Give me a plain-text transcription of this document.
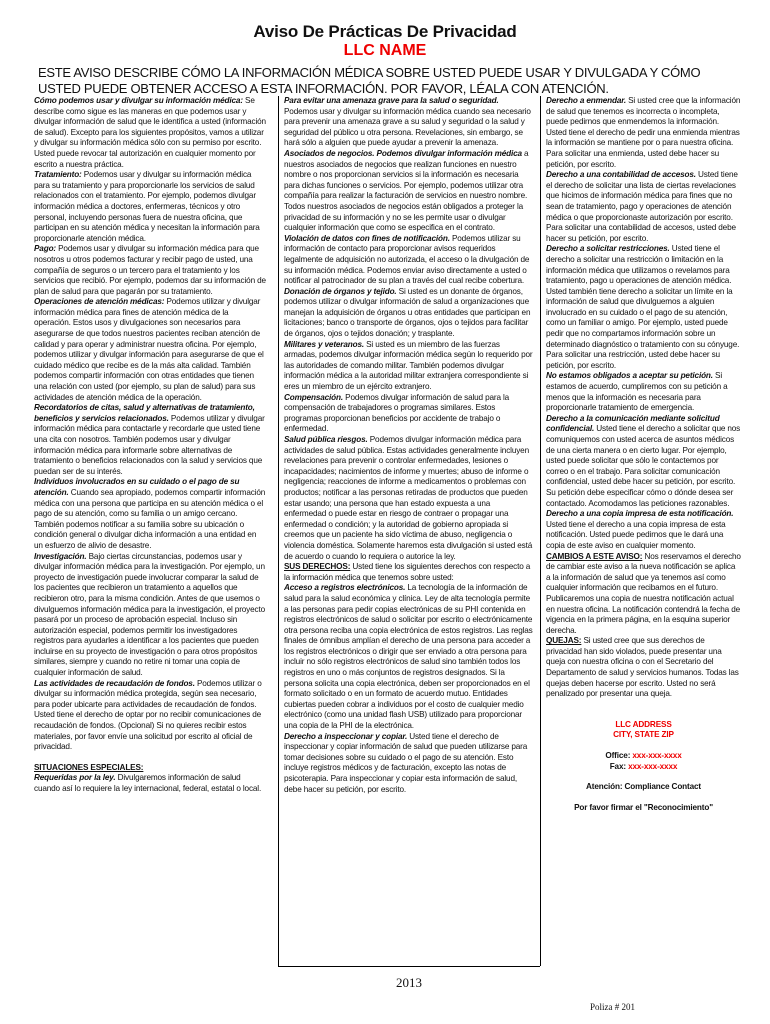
Aviso De Prácticas De Privacidad
LLC NAME
ESTE AVISO DESCRIBE CÓMO LA INFORMACIÓN MÉDICA SOBRE USTED PUEDE USAR Y DIVULGADA Y CÓMO USTED PUEDE OBTENER ACCESO A ESTA INFORMACIÓN. POR FAVOR, LÉALA CON ATENCIÓN.

Cómo podemos usar y divulgar su información médica: Se describe como sigue es las maneras en que podemos usar y divulgar información de salud que le identifica a usted (información de salud). Excepto para los siguientes propósitos, vamos a utilizar y divulgar su información médica sólo con su permiso por escrito. Usted puede revocar tal autorización en cualquier momento por escrito a nuestra práctica.

Tratamiento: Podemos usar y divulgar su información médica para su tratamiento y para proporcionarle los servicios de salud relacionados con el tratamiento. Por ejemplo, podemos divulgar información médica a doctores, enfermeras, técnicos y otro personal, incluyendo personas fuera de nuestra oficina, que participan en su atención médica y necesitan la información para proporcionarle atención médica.

Pago: Podemos usar y divulgar su información médica para que nosotros u otros podemos facturar y recibir pago de usted, una compañía de seguros o un tercero para el tratamiento y los servicios que recibió. Por ejemplo, podemos dar su información de plan de salud para que pagarán por su tratamiento.

Operaciones de atención médicas: Podemos utilizar y divulgar información médica para fines de atención médica de la operación. Estos usos y divulgaciones son necesarios para asegurarse de que todos nuestros pacientes reciban atención de calidad y para operar y administrar nuestra oficina. Por ejemplo, podemos utilizar y divulgar información para asegurarse de que el cuidado médico que recibe es de la más alta calidad. También podemos compartir información con otras entidades que tienen una relación con usted (por ejemplo, su plan de salud) para sus actividades de atención médica de la operación.

Recordatorios de citas, salud y alternativas de tratamiento, beneficios y servicios relacionados. Podemos utilizar y divulgar información médica para contactarle y recordarle que usted tiene una cita con nosotros. También podemos usar y divulgar información médica para informarle sobre alternativas de tratamiento o beneficios relacionados con la salud y servicios que puedan ser de su interés.

Individuos involucrados en su cuidado o el pago de su atención. Cuando sea apropiado, podemos compartir información médica con una persona que participa en su atención médica o el pago de su atención, como su familia o un amigo cercano. También podemos notificar a su familia sobre su ubicación o condición general o divulgar dicha información a una entidad en un esfuerzo de alivio de desastre.

Investigación. Bajo ciertas circunstancias, podemos usar y divulgar información médica para la investigación. Por ejemplo, un proyecto de investigación puede involucrar comparar la salud de los pacientes que recibieron un tratamiento a aquellos que recibieron otro, para la misma condición. Antes de que usemos o divulguemos información médica para la investigación, el proyecto pasará por un proceso de aprobación especial. Incluso sin autorización especial, podemos permitir los investigadores registros para ayudarles a identificar a los pacientes que pueden incluirse en su proyecto de investigación o para otros propósitos similares, siempre y cuando no retire ni tomar una copia de cualquier información de salud.

Las actividades de recaudación de fondos. Podemos utilizar o divulgar su información médica protegida, según sea necesario, para poder ubicarte para actividades de recaudación de fondos. Usted tiene el derecho de optar por no recibir comunicaciones de recaudación de fondos. (Opcional) Si no quieres recibir estos materiales, por favor envíe una solicitud por escrito al oficial de privacidad.

SITUACIONES ESPECIALES:

Requeridas por la ley. Divulgaremos información de salud cuando así lo requiere la ley internacional, federal, estatal o local.

Para evitar una amenaza grave para la salud o seguridad. Podemos usar y divulgar su información médica cuando sea necesario para prevenir una amenaza grave a su salud y seguridad o la salud y seguridad del público u otra persona. Revelaciones, sin embargo, se hará sólo a alguien que puede ayudar a prevenir la amenaza.

Asociados de negocios. Podemos divulgar información médica a nuestros asociados de negocios que realizan funciones en nuestro nombre o nos proporcionan servicios si la información es necesaria para dichas funciones o servicios. Por ejemplo, podemos utilizar otra compañía para realizar la facturación de servicios en nuestro nombre. Todos nuestros asociados de negocios están obligados a proteger la privacidad de su información y no se les permite usar o divulgar cualquier información que como se especifica en el contrato.

Violación de datos con fines de notificación. Podemos utilizar su información de contacto para proporcionar avisos requeridos legalmente de adquisición no autorizada, el acceso o la divulgación de su información médica. Podemos enviar aviso directamente a usted o notificar al patrocinador de su plan a través del cual recibe cobertura.

Donación de órganos y tejido. Si usted es un donante de órganos, podemos utilizar o divulgar información de salud a organizaciones que manejan la adquisición de órganos u otras entidades que participan en licitaciones; banco o transporte de órganos, ojos o tejidos para facilitar de órganos, ojos o tejidos donación; y trasplante.

Militares y veteranos. Si usted es un miembro de las fuerzas armadas, podemos divulgar información médica según lo requerido por las autoridades de comando militar. También podemos divulgar información médica a la autoridad militar extranjera correspondiente si eres un miembro de un ejército extranjero.

Compensación. Podemos divulgar información de salud para la compensación de trabajadores o programas similares. Estos programas proporcionan beneficios por accidente de trabajo o enfermedad.

Salud pública riesgos. Podemos divulgar información médica para actividades de salud pública. Estas actividades generalmente incluyen revelaciones para prevenir o controlar enfermedades, lesiones o incapacidades; nacimientos de informe y muertes; abuso de informe o negligencia; reacciones de informe a medicamentos o problemas con productos; notificar a las personas retiradas de productos que pueden estar usando; una persona que han estado expuesta a una enfermedad o puede estar en riesgo de contraer o propagar una enfermedad o condición; y la autoridad de gobierno apropiada si creemos que un paciente ha sido víctima de abuso, negligencia o violencia doméstica. Solamente haremos esta divulgación si usted está de acuerdo o cuando lo requiera o autorice la ley.

SUS DERECHOS: Usted tiene los siguientes derechos con respecto a la información médica que tenemos sobre usted:

Acceso a registros electrónicos. La tecnología de la información de salud para la salud económica y clínica. Ley de alta tecnología permite a las personas para pedir copias electrónicas de su PHI contenida en registros electrónicos de salud o solicitar por escrito o electrónicamente otra persona reciba una copia electrónica de estos registros. Las reglas finales de ómnibus amplían el derecho de una persona para acceder a los registros electrónicos o dirigir que ser enviado a otra persona para incluir no sólo registros electrónicos de salud sino también todos los registros en uno o más conjuntos de registros designados. Si la persona solicita una copia electrónica, deben ser proporcionados en el formato solicitado o en un formato de acuerdo mutuo. Entidades cubiertas pueden cobrar a individuos por el costo de cualquier medio electrónico (como una unidad flash USB) utilizado para proporcionar una copia de la PHI de la electrónica.

Derecho a inspeccionar y copiar. Usted tiene el derecho de inspeccionar y copiar información de salud que pueden utilizarse para tomar decisiones sobre su cuidado o el pago de su atención. Esto incluye registros médicos y de facturación, excepto las notas de psicoterapia. Para inspeccionar y copiar esta información de salud, debe hacer su petición, por escrito.

Derecho a enmendar. Si usted cree que la información de salud que tenemos es incorrecta o incompleta, puede pedirnos que enmendemos la información. Usted tiene el derecho de pedir una enmienda mientras la información se mantiene por o para nuestra oficina. Para solicitar una enmienda, usted debe hacer su petición, por escrito.

Derecho a una contabilidad de accesos. Usted tiene el derecho de solicitar una lista de ciertas revelaciones que hicimos de información médica para fines que no sean de tratamiento, pago y operaciones de atención médica o que proporcionaste autorización por escrito. Para solicitar una contabilidad de accesos, usted debe hacer su petición, por escrito.

Derecho a solicitar restricciones. Usted tiene el derecho a solicitar una restricción o limitación en la información médica que utilizamos o revelamos para tratamiento, pago u operaciones de atención médica. Usted también tiene derecho a solicitar un límite en la información de salud que divulguemos a alguien involucrado en su cuidado o el pago de su atención, como un familiar o amigo. Por ejemplo, usted puede pedir que no compartamos información sobre un determinado diagnóstico o tratamiento con su cónyuge. Para solicitar una restricción, usted debe hacer su petición, por escrito.

No estamos obligados a aceptar su petición. Si estamos de acuerdo, cumpliremos con su petición a menos que la información es necesaria para proporcionarle tratamiento de emergencia.

Derecho a la comunicación mediante solicitud confidencial. Usted tiene el derecho a solicitar que nos comuniquemos con usted acerca de asuntos médicos de una cierta manera o en cierto lugar. Por ejemplo, usted puede solicitar que sólo le contactemos por correo o en el trabajo. Para solicitar comunicación confidencial, usted debe hacer su petición, por escrito. Su petición debe especificar cómo o dónde desea ser contactado. Acomodamos las peticiones razonables.

Derecho a una copia impresa de esta notificación. Usted tiene el derecho a una copia impresa de esta notificación. Usted puede pedirnos que le dará una copia de este aviso en cualquier momento.

CAMBIOS A ESTE AVISO: Nos reservamos el derecho de cambiar este aviso a la nueva notificación se aplica a la información de salud que ya tenemos así como cualquier información que recibamos en el futuro. Publicaremos una copia de nuestra notificación actual en nuestra oficina. La notificación contendrá la fecha de vigencia en la primera página, en la esquina superior derecha.

QUEJAS: Si usted cree que sus derechos de privacidad han sido violados, puede presentar una queja con nuestra oficina o con el Secretario del Departamento de salud y servicios humanos. Todas las quejas deben hacerse por escrito. Usted no será penalizado por presentar una queja.

LLC ADDRESS

CITY, STATE ZIP

Office: xxx-xxx-xxxx

Fax: xxx-xxx-xxxx

Atención: Compliance Contact

Por favor firmar el "Reconocimiento"

2013
Poliza # 201
